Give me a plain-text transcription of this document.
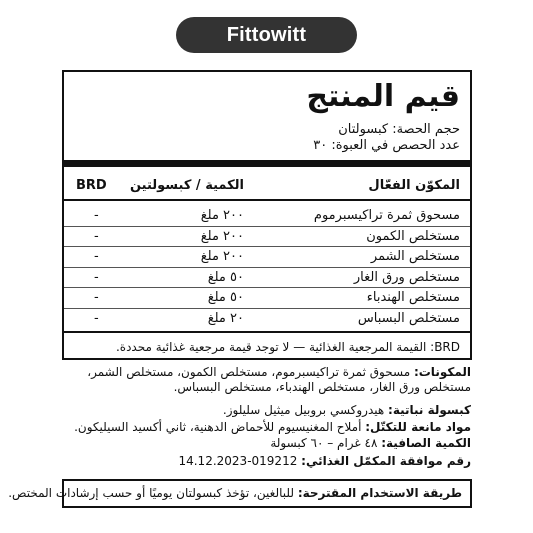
Fittowitt
قيم المنتج
حجم الحصة: كبسولتان
عدد الحصص في العبوة: ٣٠
المكوّن الفعّال
الكمية / كبسولتين
BRD
مسحوق ثمرة تراكيسبرموم
٢٠٠ ملغ
-
مستخلص الكمون
٢٠٠ ملغ
-
مستخلص الشمر
٢٠٠ ملغ
-
مستخلص ورق الغار
٥٠ ملغ
-
مستخلص الهندباء
٥٠ ملغ
-
مستخلص البسباس
٢٠ ملغ
-
BRD: القيمة المرجعية الغذائية — لا توجد قيمة مرجعية غذائية محددة.
المكونات: مسحوق ثمرة تراكيسبرموم، مستخلص الكمون، مستخلص الشمر، مستخلص ورق الغار، مستخلص الهندباء، مستخلص البسباس.
كبسولة نباتية: هيدروكسي بروبيل ميثيل سليلوز.
مواد مانعة للتكتّل: أملاح المغنيسيوم للأحماض الدهنية، ثاني أكسيد السيليكون.
الكمية الصافية: ٤٨ غرام – ٦٠ كبسولة
رقم موافقة المكمّل الغذائي: 019212-14.12.2023
طريقة الاستخدام المقترحة: للبالغين، تؤخذ كبسولتان يوميًا أو حسب إرشادات المختص.
